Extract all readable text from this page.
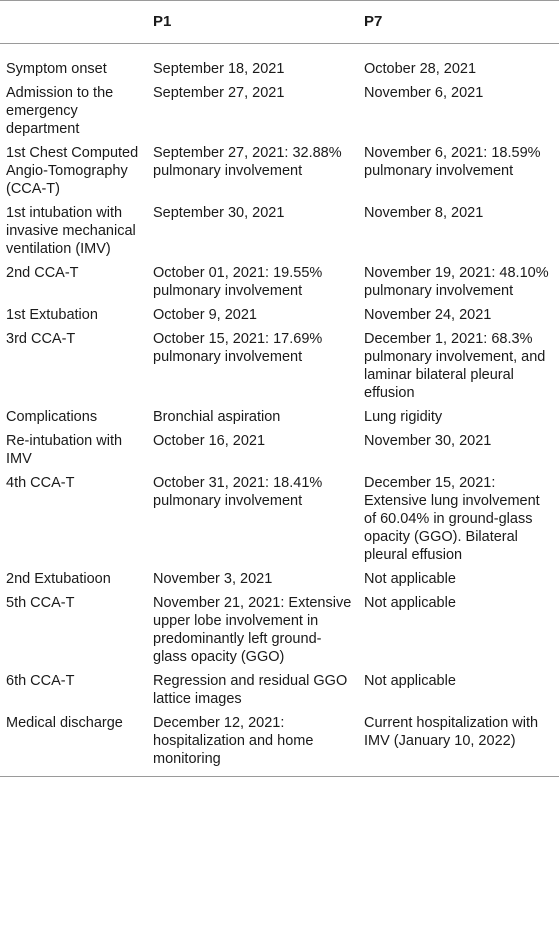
	P1	P7
Symptom onset	September 18, 2021	October 28, 2021
Admission to the emergency department	September 27, 2021	November 6, 2021
1st Chest Computed Angio-Tomography (CCA-T)	September 27, 2021: 32.88% pulmonary involvement	November 6, 2021: 18.59% pulmonary involvement
1st intubation with invasive mechanical ventilation (IMV)	September 30, 2021	November 8, 2021
2nd CCA-T	October 01, 2021: 19.55% pulmonary involvement	November 19, 2021: 48.10% pulmonary involvement
1st Extubation	October 9, 2021	November 24, 2021
3rd CCA-T	October 15, 2021: 17.69% pulmonary involvement	December 1, 2021: 68.3% pulmonary involvement, and laminar bilateral pleural effusion
Complications	Bronchial aspiration	Lung rigidity
Re-intubation with IMV	October 16, 2021	November 30, 2021
4th CCA-T	October 31, 2021: 18.41% pulmonary involvement	December 15, 2021: Extensive lung involvement of 60.04% in ground-glass opacity (GGO). Bilateral pleural effusion
2nd Extubatioon	November 3, 2021	Not applicable
5th CCA-T	November 21, 2021: Extensive upper lobe involvement in predominantly left ground-glass opacity (GGO)	Not applicable
6th CCA-T	Regression and residual GGO lattice images	Not applicable
Medical discharge	December 12, 2021: hospitalization and home monitoring	Current hospitalization with IMV (January 10, 2022)
